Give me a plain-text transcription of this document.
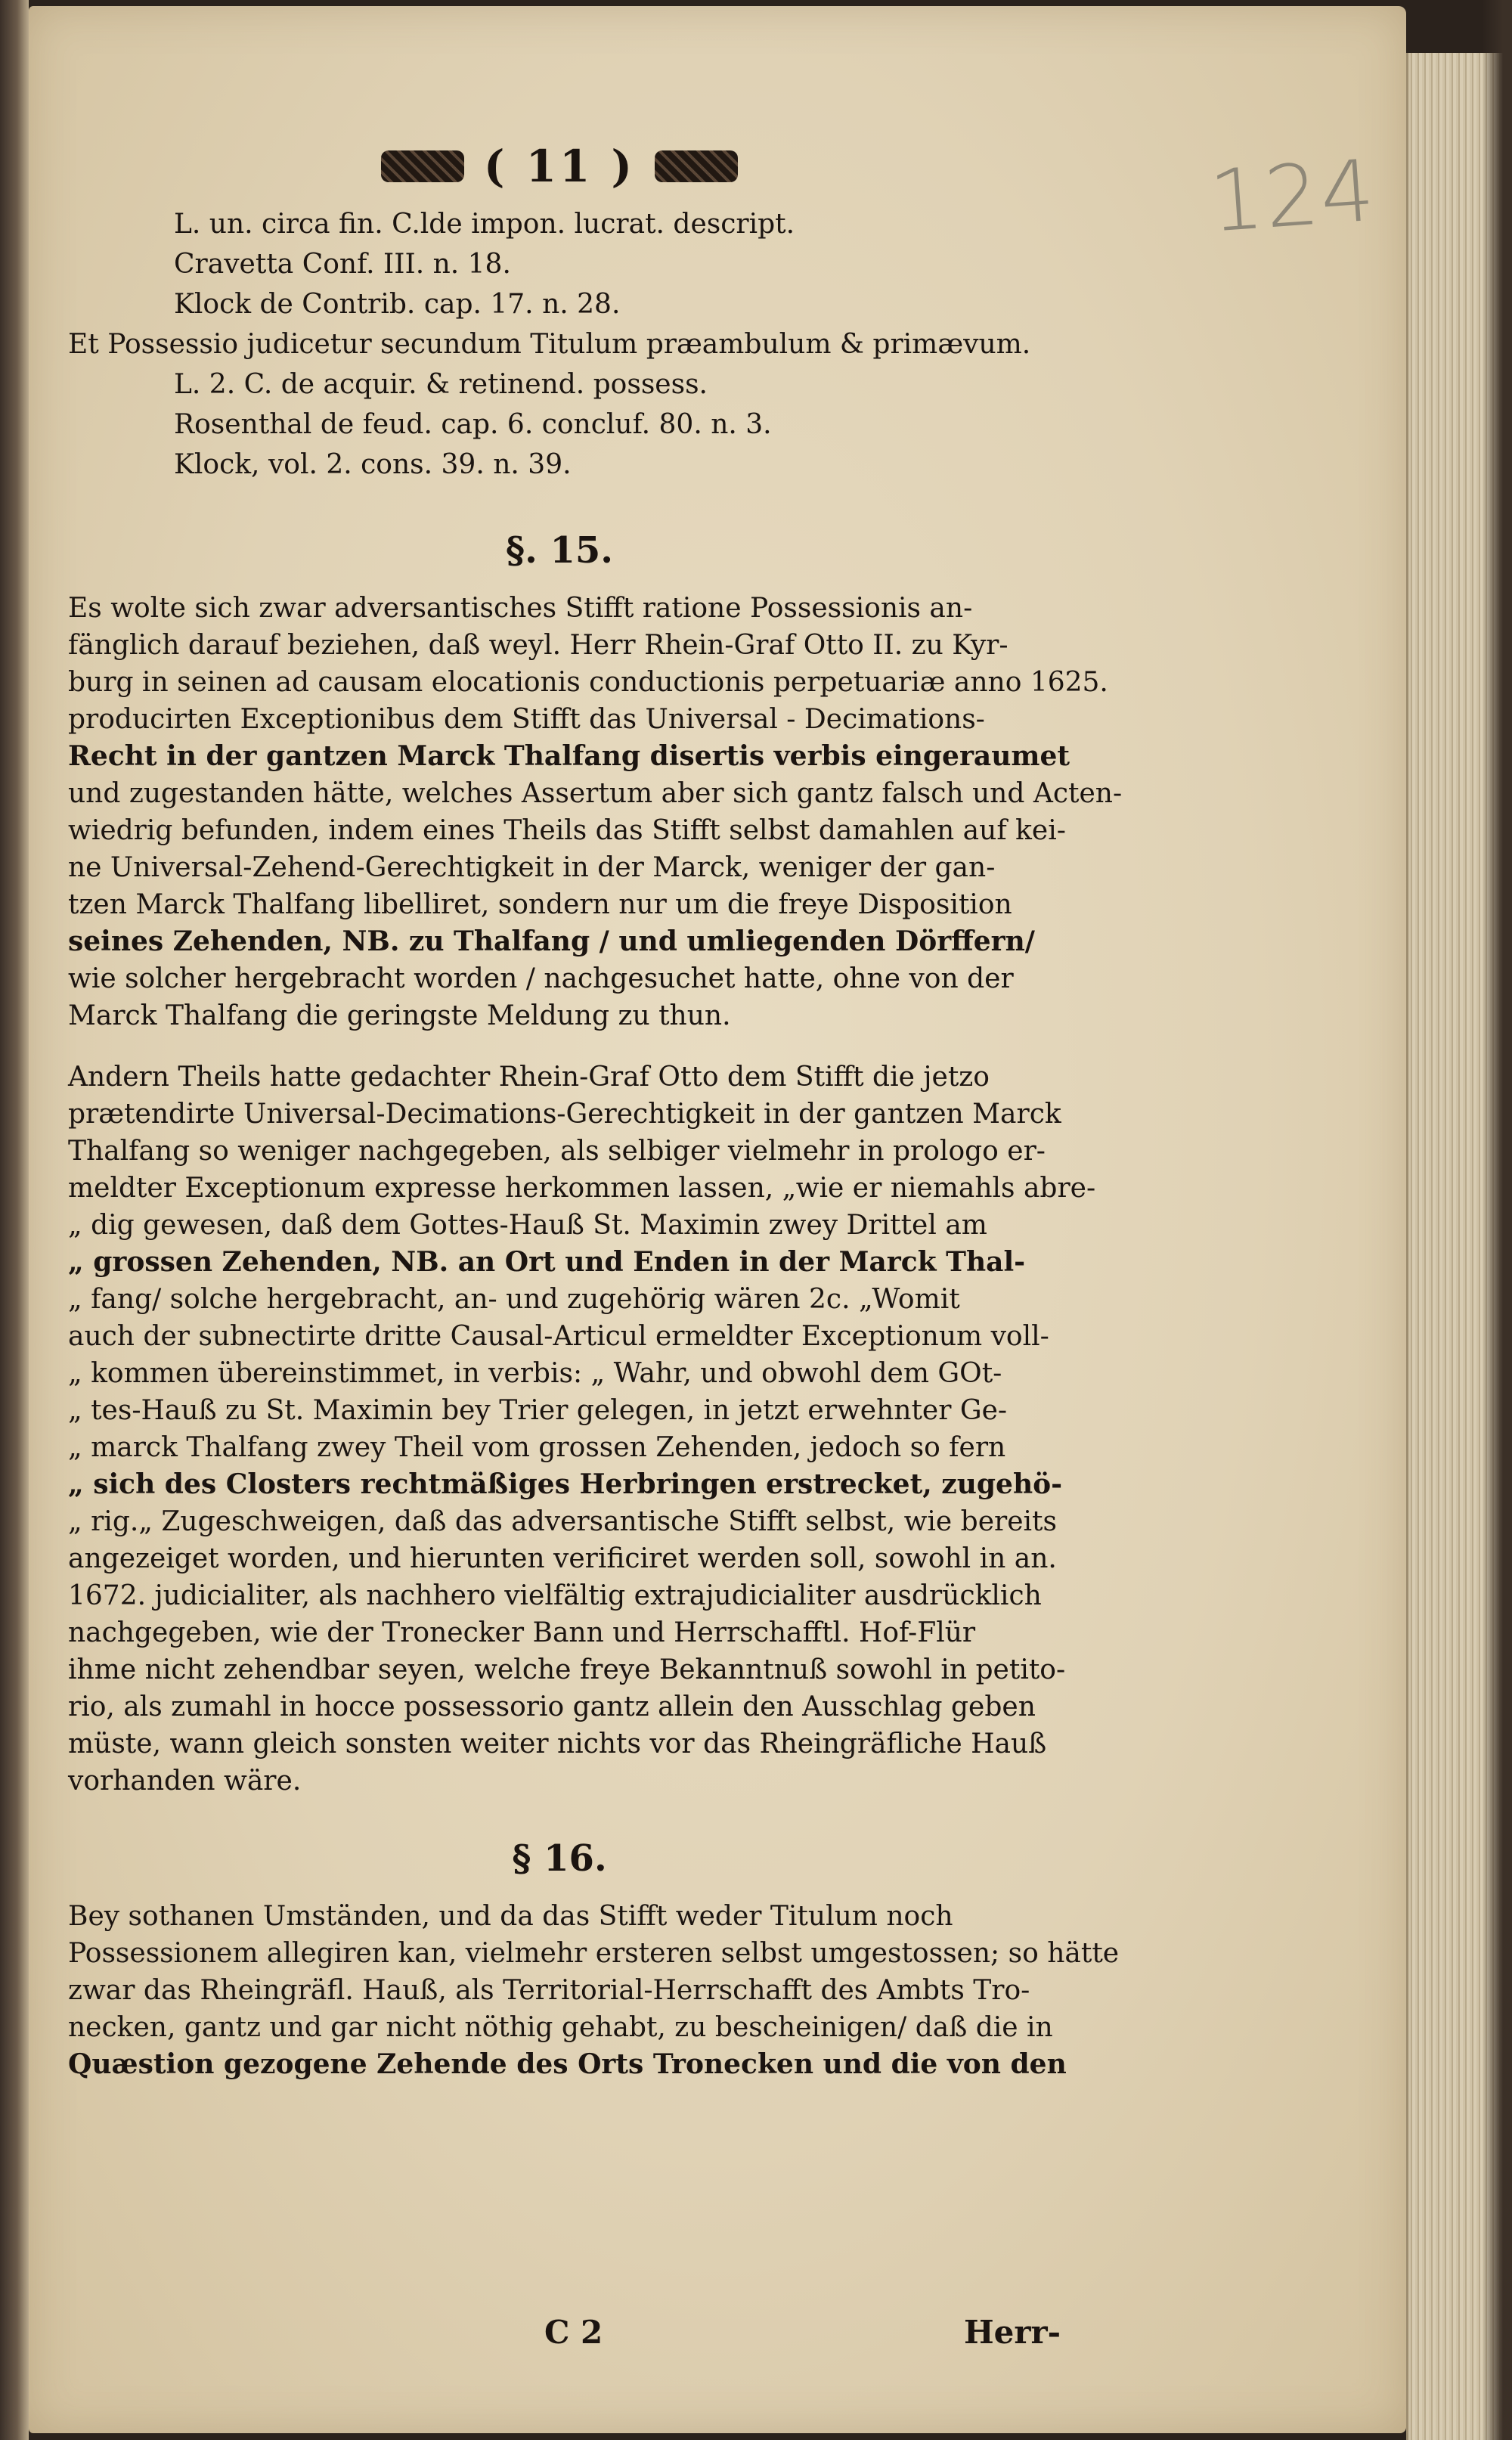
124
( 11 )
L. un. circa fin. C.lde impon. lucrat. descript.
Cravetta Conf. III. n. 18.
Klock de Contrib. cap. 17. n. 28.
Et Possessio judicetur secundum Titulum præambulum & primævum.
L. 2. C. de acquir. & retinend. possess.
Rosenthal de feud. cap. 6. concluf. 80. n. 3.
Klock, vol. 2. cons. 39. n. 39.
§. 15.
Es wolte sich zwar adversantisches Stifft ratione Possessionis an-
fänglich darauf beziehen, daß weyl. Herr Rhein-Graf Otto II. zu Kyr-
burg in seinen ad causam elocationis conductionis perpetuariæ anno 1625.
producirten Exceptionibus dem Stifft das Universal - Decimations-
Recht in der gantzen Marck Thalfang disertis verbis eingeraumet
und zugestanden hätte, welches Assertum aber sich gantz falsch und Acten-
wiedrig befunden, indem eines Theils das Stifft selbst damahlen auf kei-
ne Universal-Zehend-Gerechtigkeit in der Marck, weniger der gan-
tzen Marck Thalfang libelliret, sondern nur um die freye Disposition
seines Zehenden, NB. zu Thalfang / und umliegenden Dörffern/
wie solcher hergebracht worden / nachgesuchet hatte, ohne von der
Marck Thalfang die geringste Meldung zu thun.
Andern Theils hatte gedachter Rhein-Graf Otto dem Stifft die jetzo
prætendirte Universal-Decimations-Gerechtigkeit in der gantzen Marck
Thalfang so weniger nachgegeben, als selbiger vielmehr in prologo er-
meldter Exceptionum expresse herkommen lassen, „wie er niemahls abre-
„ dig gewesen, daß dem Gottes-Hauß St. Maximin zwey Drittel am
„ grossen Zehenden, NB. an Ort und Enden in der Marck Thal-
„ fang/ solche hergebracht, an- und zugehörig wären 2c. „Womit
auch der subnectirte dritte Causal-Articul ermeldter Exceptionum voll-
„ kommen übereinstimmet, in verbis: „ Wahr, und obwohl dem GOt-
„ tes-Hauß zu St. Maximin bey Trier gelegen, in jetzt erwehnter Ge-
„ marck Thalfang zwey Theil vom grossen Zehenden, jedoch so fern
„ sich des Closters rechtmäßiges Herbringen erstrecket, zugehö-
„ rig.„ Zugeschweigen, daß das adversantische Stifft selbst, wie bereits
angezeiget worden, und hierunten verificiret werden soll, sowohl in an.
1672. judicialiter, als nachhero vielfältig extrajudicialiter ausdrücklich
nachgegeben, wie der Tronecker Bann und Herrschafftl. Hof-Flür
ihme nicht zehendbar seyen, welche freye Bekanntnuß sowohl in petito-
rio, als zumahl in hocce possessorio gantz allein den Ausschlag geben
müste, wann gleich sonsten weiter nichts vor das Rheingräfliche Hauß
vorhanden wäre.
§ 16.
Bey sothanen Umständen, und da das Stifft weder Titulum noch
Possessionem allegiren kan, vielmehr ersteren selbst umgestossen; so hätte
zwar das Rheingräfl. Hauß, als Territorial-Herrschafft des Ambts Tro-
necken, gantz und gar nicht nöthig gehabt, zu bescheinigen/ daß die in
Quæstion gezogene Zehende des Orts Tronecken und die von den
C 2	Herr-
